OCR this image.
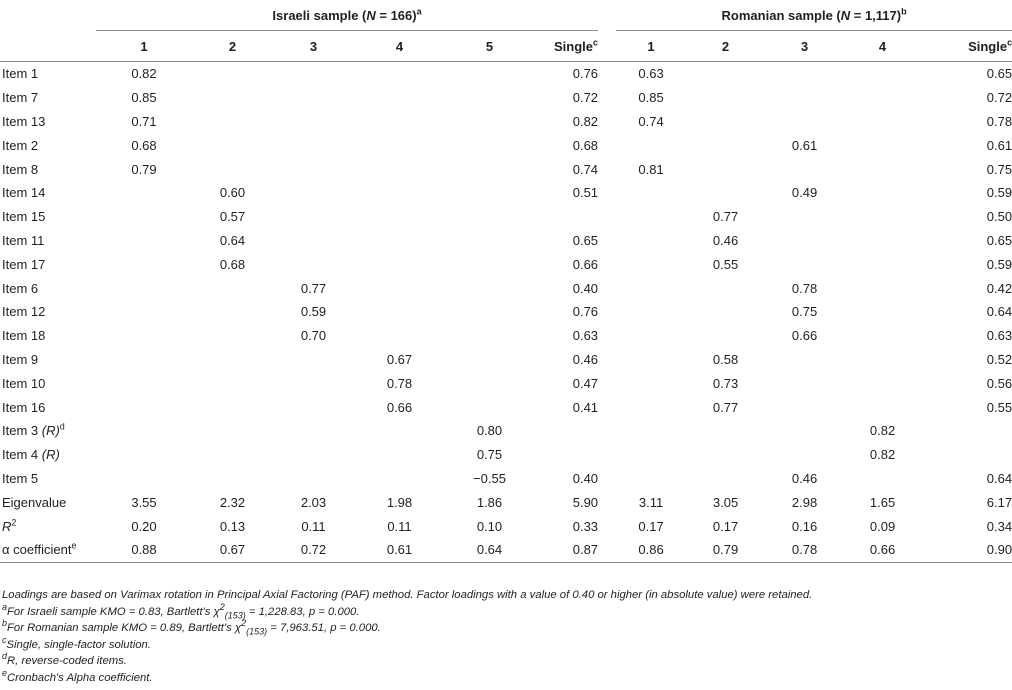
	Israeli sample (N = 166)$^a$							Romanian sample (N = 1,117)$^b$
	1	2	3	4	5	Single$^c$		1	2	3	4	Single$^c$
Item 1	0.82					0.76		0.63				0.65
Item 7	0.85					0.72		0.85				0.72
Item 13	0.71					0.82		0.74				0.78
Item 2	0.68					0.68				0.61		0.61
Item 8	0.79					0.74		0.81				0.75
Item 14		0.60				0.51				0.49		0.59
Item 15		0.57							0.77			0.50
Item 11		0.64				0.65			0.46			0.65
Item 17		0.68				0.66			0.55			0.59
Item 6			0.77			0.40				0.78		0.42
Item 12			0.59			0.76				0.75		0.64
Item 18			0.70			0.63				0.66		0.63
Item 9				0.67		0.46			0.58			0.52
Item 10				0.78		0.47			0.73			0.56
Item 16				0.66		0.41			0.77			0.55
Item 3 $(R)^d$					0.80						0.82	
Item 4 (R)					0.75						0.82	
Item 5					−0.55	0.40				0.46		0.64
Eigenvalue	3.55	2.32	2.03	1.98	1.86	5.90		3.11	3.05	2.98	1.65	6.17
$R^2$	0.20	0.13	0.11	0.11	0.10	0.33		0.17	0.17	0.16	0.09	0.34
α coefficient$^e$	0.88	0.67	0.72	0.61	0.64	0.87		0.86	0.79	0.78	0.66	0.90
Loadings are based on Varimax rotation in Principal Axial Factoring (PAF) method. Factor loadings with a value of 0.40 or higher (in absolute value) were retained.
$^a$For Israeli sample KMO = 0.83, Bartlett's $\chi^2_{(153)} = 1,228.83$, p = 0.000.
$^b$For Romanian sample KMO = 0.89, Bartlett's $\chi^2_{(153)} = 7,963.51$, p = 0.000.
$^c$Single, single-factor solution.
$^d$R, reverse-coded items.
$^e$Cronbach's Alpha coefficient.
